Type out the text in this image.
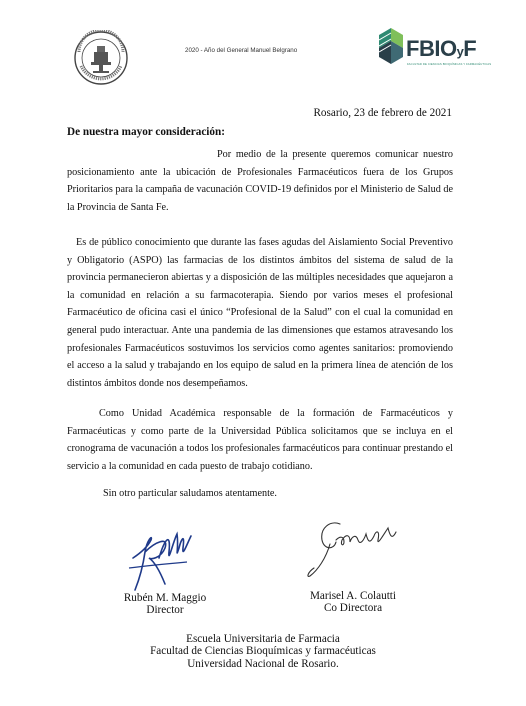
2020 - Año del General Manuel Belgrano	FBIOyF
FACULTAD DE CIENCIAS BIOQUÍMICAS Y FARMACÉUTICAS
Rosario, 23 de febrero de 2021
De nuestra mayor consideración:

Por medio de la presente queremos comunicar nuestro posicionamiento ante la ubicación de Profesionales Farmacéuticos fuera de los Grupos Prioritarios para la campaña de vacunación COVID-19 definidos por el Ministerio de Salud de la Provincia de Santa Fe.

Es de público conocimiento que durante las fases agudas del Aislamiento Social Preventivo y Obligatorio (ASPO) las farmacias de los distintos ámbitos del sistema de salud de la provincia permanecieron abiertas y a disposición de las múltiples necesidades que aquejaron a la comunidad en relación a su farmacoterapia. Siendo por varios meses el profesional Farmacéutico de oficina casi el único “Profesional de la Salud” con el cual la comunidad en general pudo interactuar. Ante una pandemia de las dimensiones que estamos atravesando los profesionales Farmacéuticos sostuvimos los servicios como agentes sanitarios: promoviendo el acceso a la salud y trabajando en los equipo de salud en la primera línea de atención de los distintos ámbitos donde nos desempeñamos.

Como Unidad Académica responsable de la formación de Farmacéuticos y Farmacéuticas y como parte de la Universidad Pública solicitamos que se incluya en el cronograma de vacunación a todos los profesionales farmacéuticos para continuar prestando el servicio a la comunidad en cada puesto de trabajo cotidiano.

Sin otro particular saludamos atentamente.

Rubén M. Maggio
Director
Marisel A. Colautti
Co Directora
Escuela Universitaria de Farmacia
Facultad de Ciencias Bioquímicas y farmacéuticas
Universidad Nacional de Rosario.
